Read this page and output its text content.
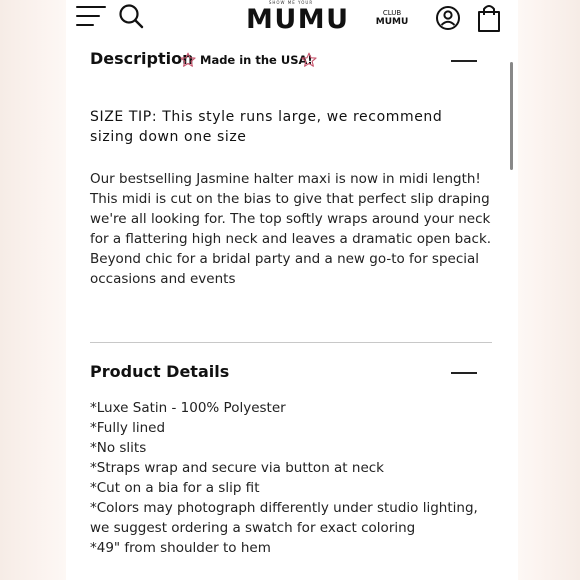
SHOW ME YOUR
MUMU	CLUB
MUMU
Description Made in the USA!
SIZE TIP: This style runs large, we recommend sizing down one size
Our bestselling Jasmine halter maxi is now in midi length! This midi is cut on the bias to give that perfect slip draping we're all looking for. The top softly wraps around your neck for a flattering high neck and leaves a dramatic open back. Beyond chic for a bridal party and a new go-to for special occasions and events
Product Details
*Luxe Satin - 100% Polyester
*Fully lined
*No slits
*Straps wrap and secure via button at neck
*Cut on a bia for a slip fit
*Colors may photograph differently under studio lighting, we suggest ordering a swatch for exact coloring
*49" from shoulder to hem
